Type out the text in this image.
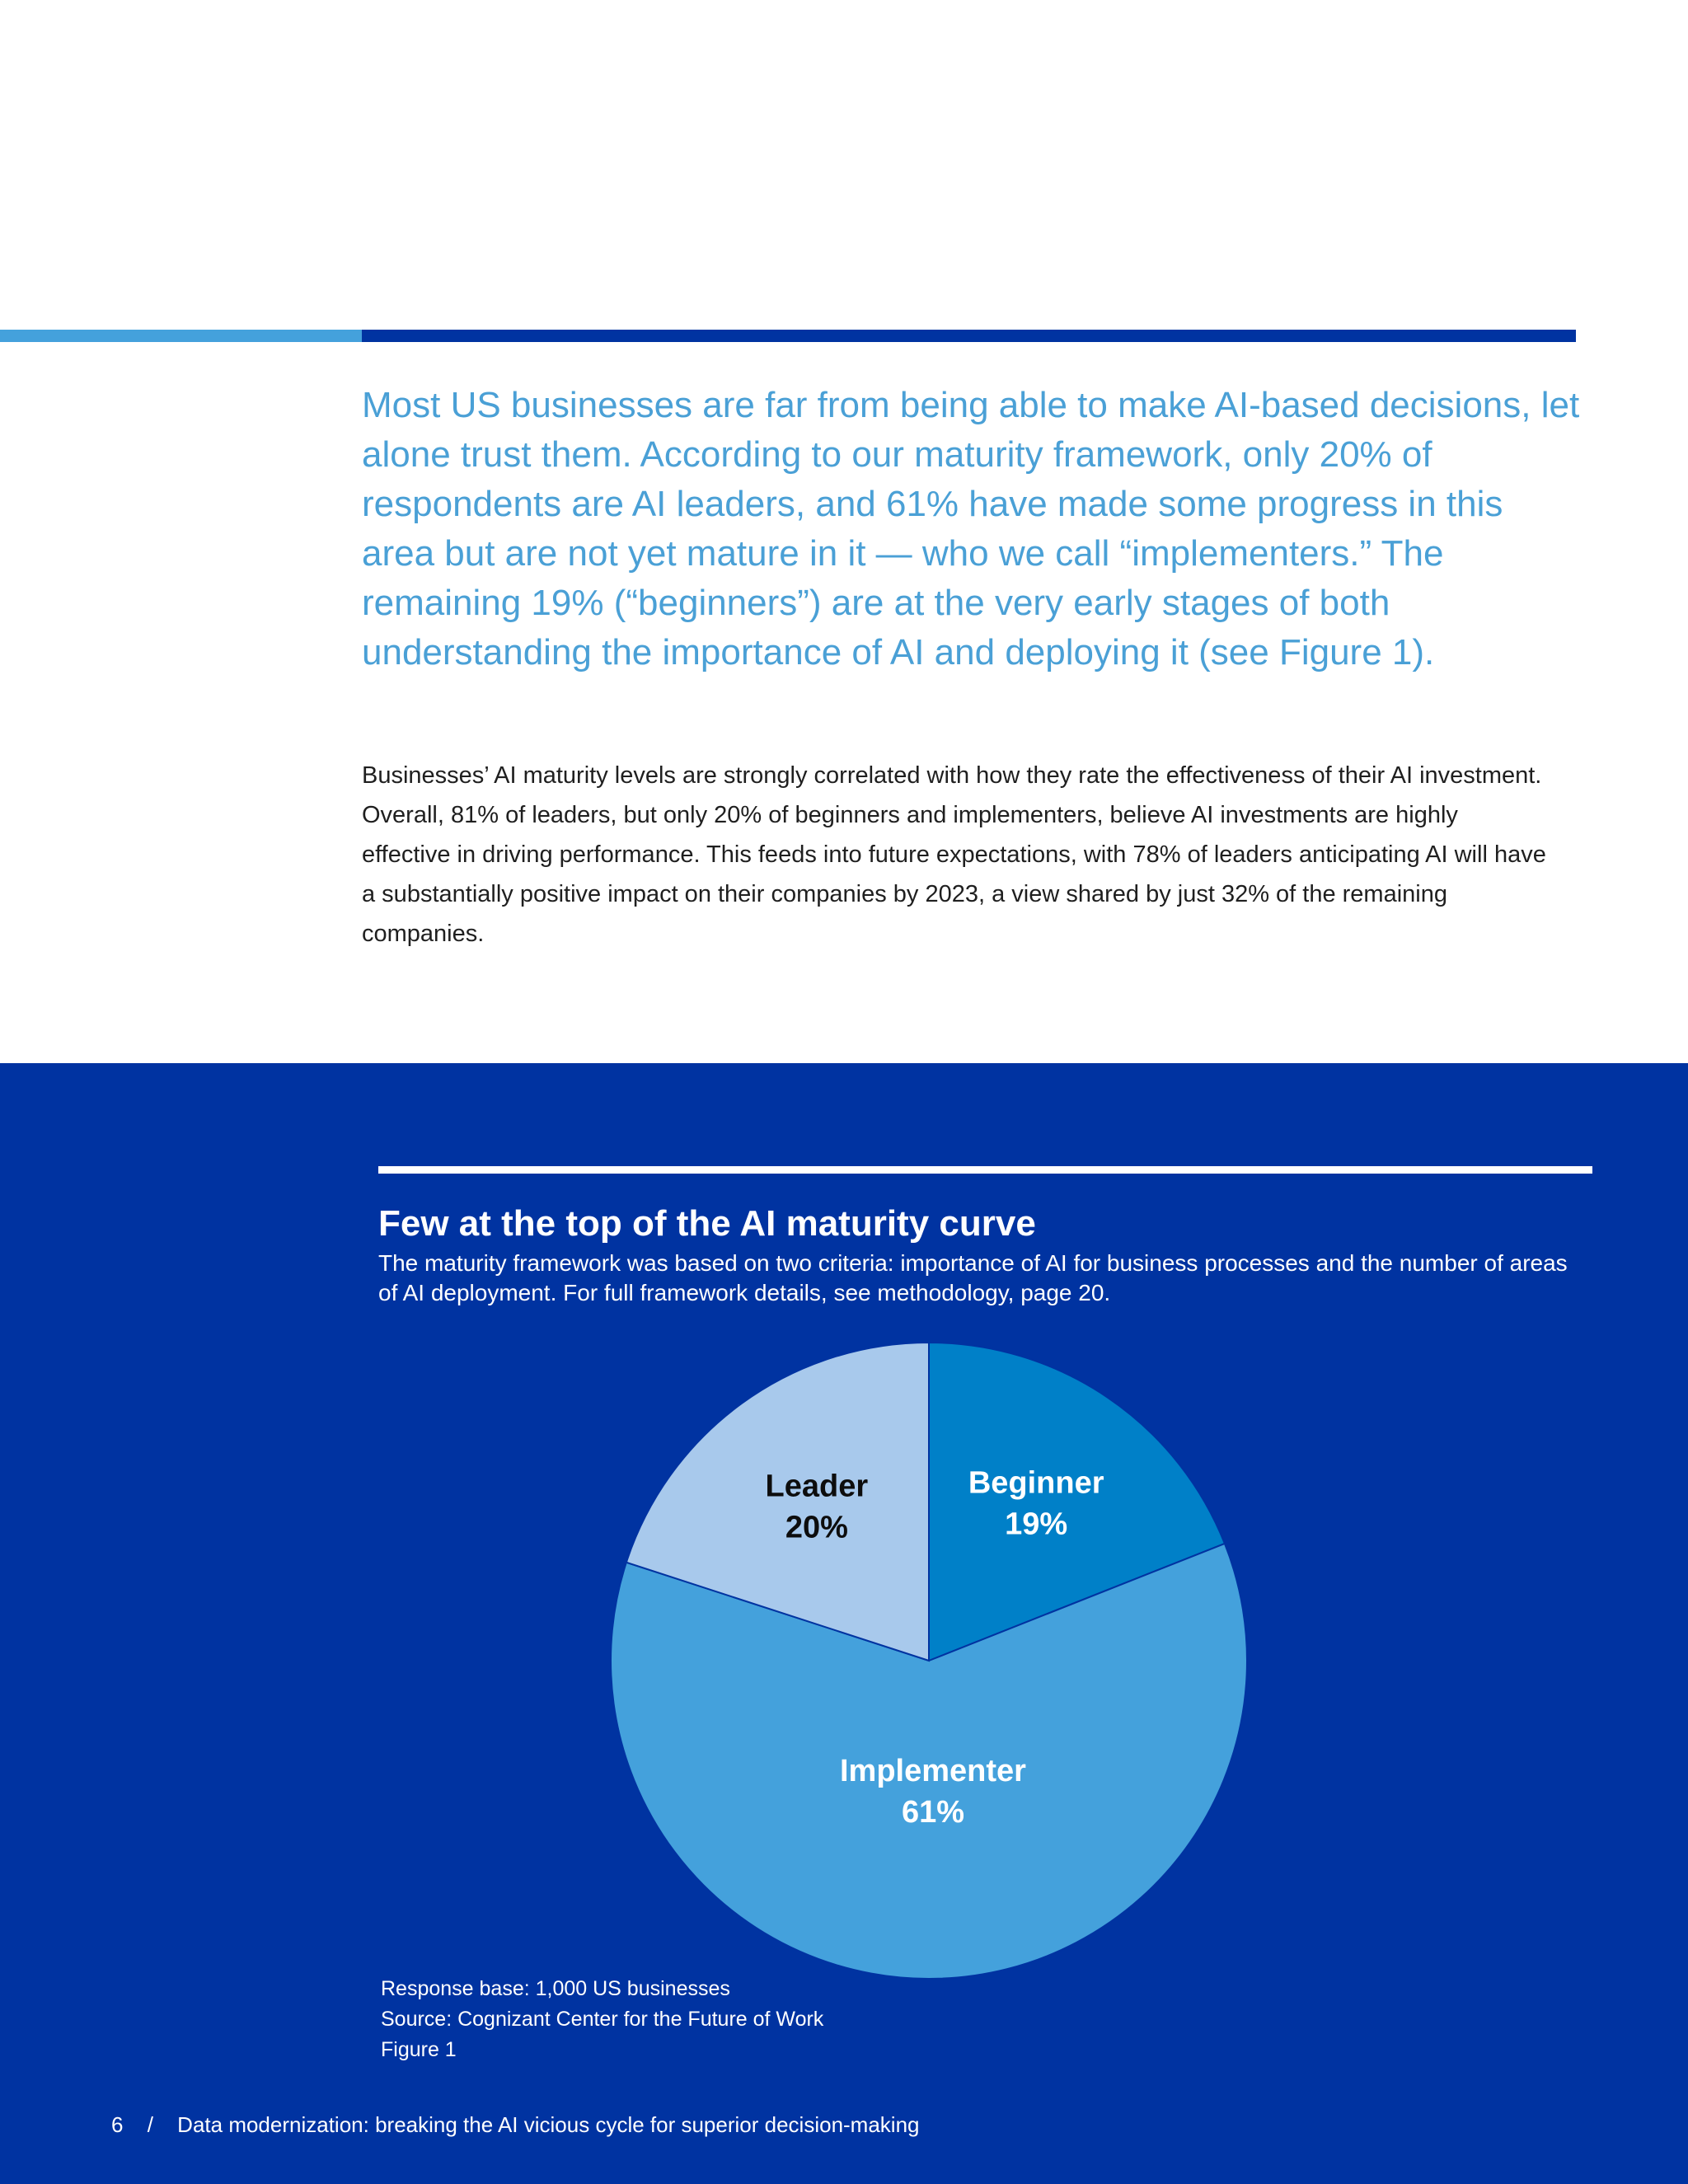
Most US businesses are far from being able to make AI-based decisions, let alone trust them. According to our maturity framework, only 20% of respondents are AI leaders, and 61% have made some progress in this area but are not yet mature in it — who we call “implementers.” The remaining 19% (“beginners”) are at the very early stages of both understanding the importance of AI and deploying it (see Figure 1).

Businesses’ AI maturity levels are strongly correlated with how they rate the effectiveness of their AI investment. Overall, 81% of leaders, but only 20% of beginners and implementers, believe AI investments are highly effective in driving performance. This feeds into future expectations, with 78% of leaders anticipating AI will have a substantially positive impact on their companies by 2023, a view shared by just 32% of the remaining companies.

Few at the top of the AI maturity curve

The maturity framework was based on two criteria: importance of AI for business processes and the number of areas of AI deployment. For full framework details, see methodology, page 20.

Beginner
19%
Implementer
61%
Leader
20%
Response base: 1,000 US businesses
Source: Cognizant Center for the Future of Work
Figure 1
6 / Data modernization: breaking the AI vicious cycle for superior decision-making
